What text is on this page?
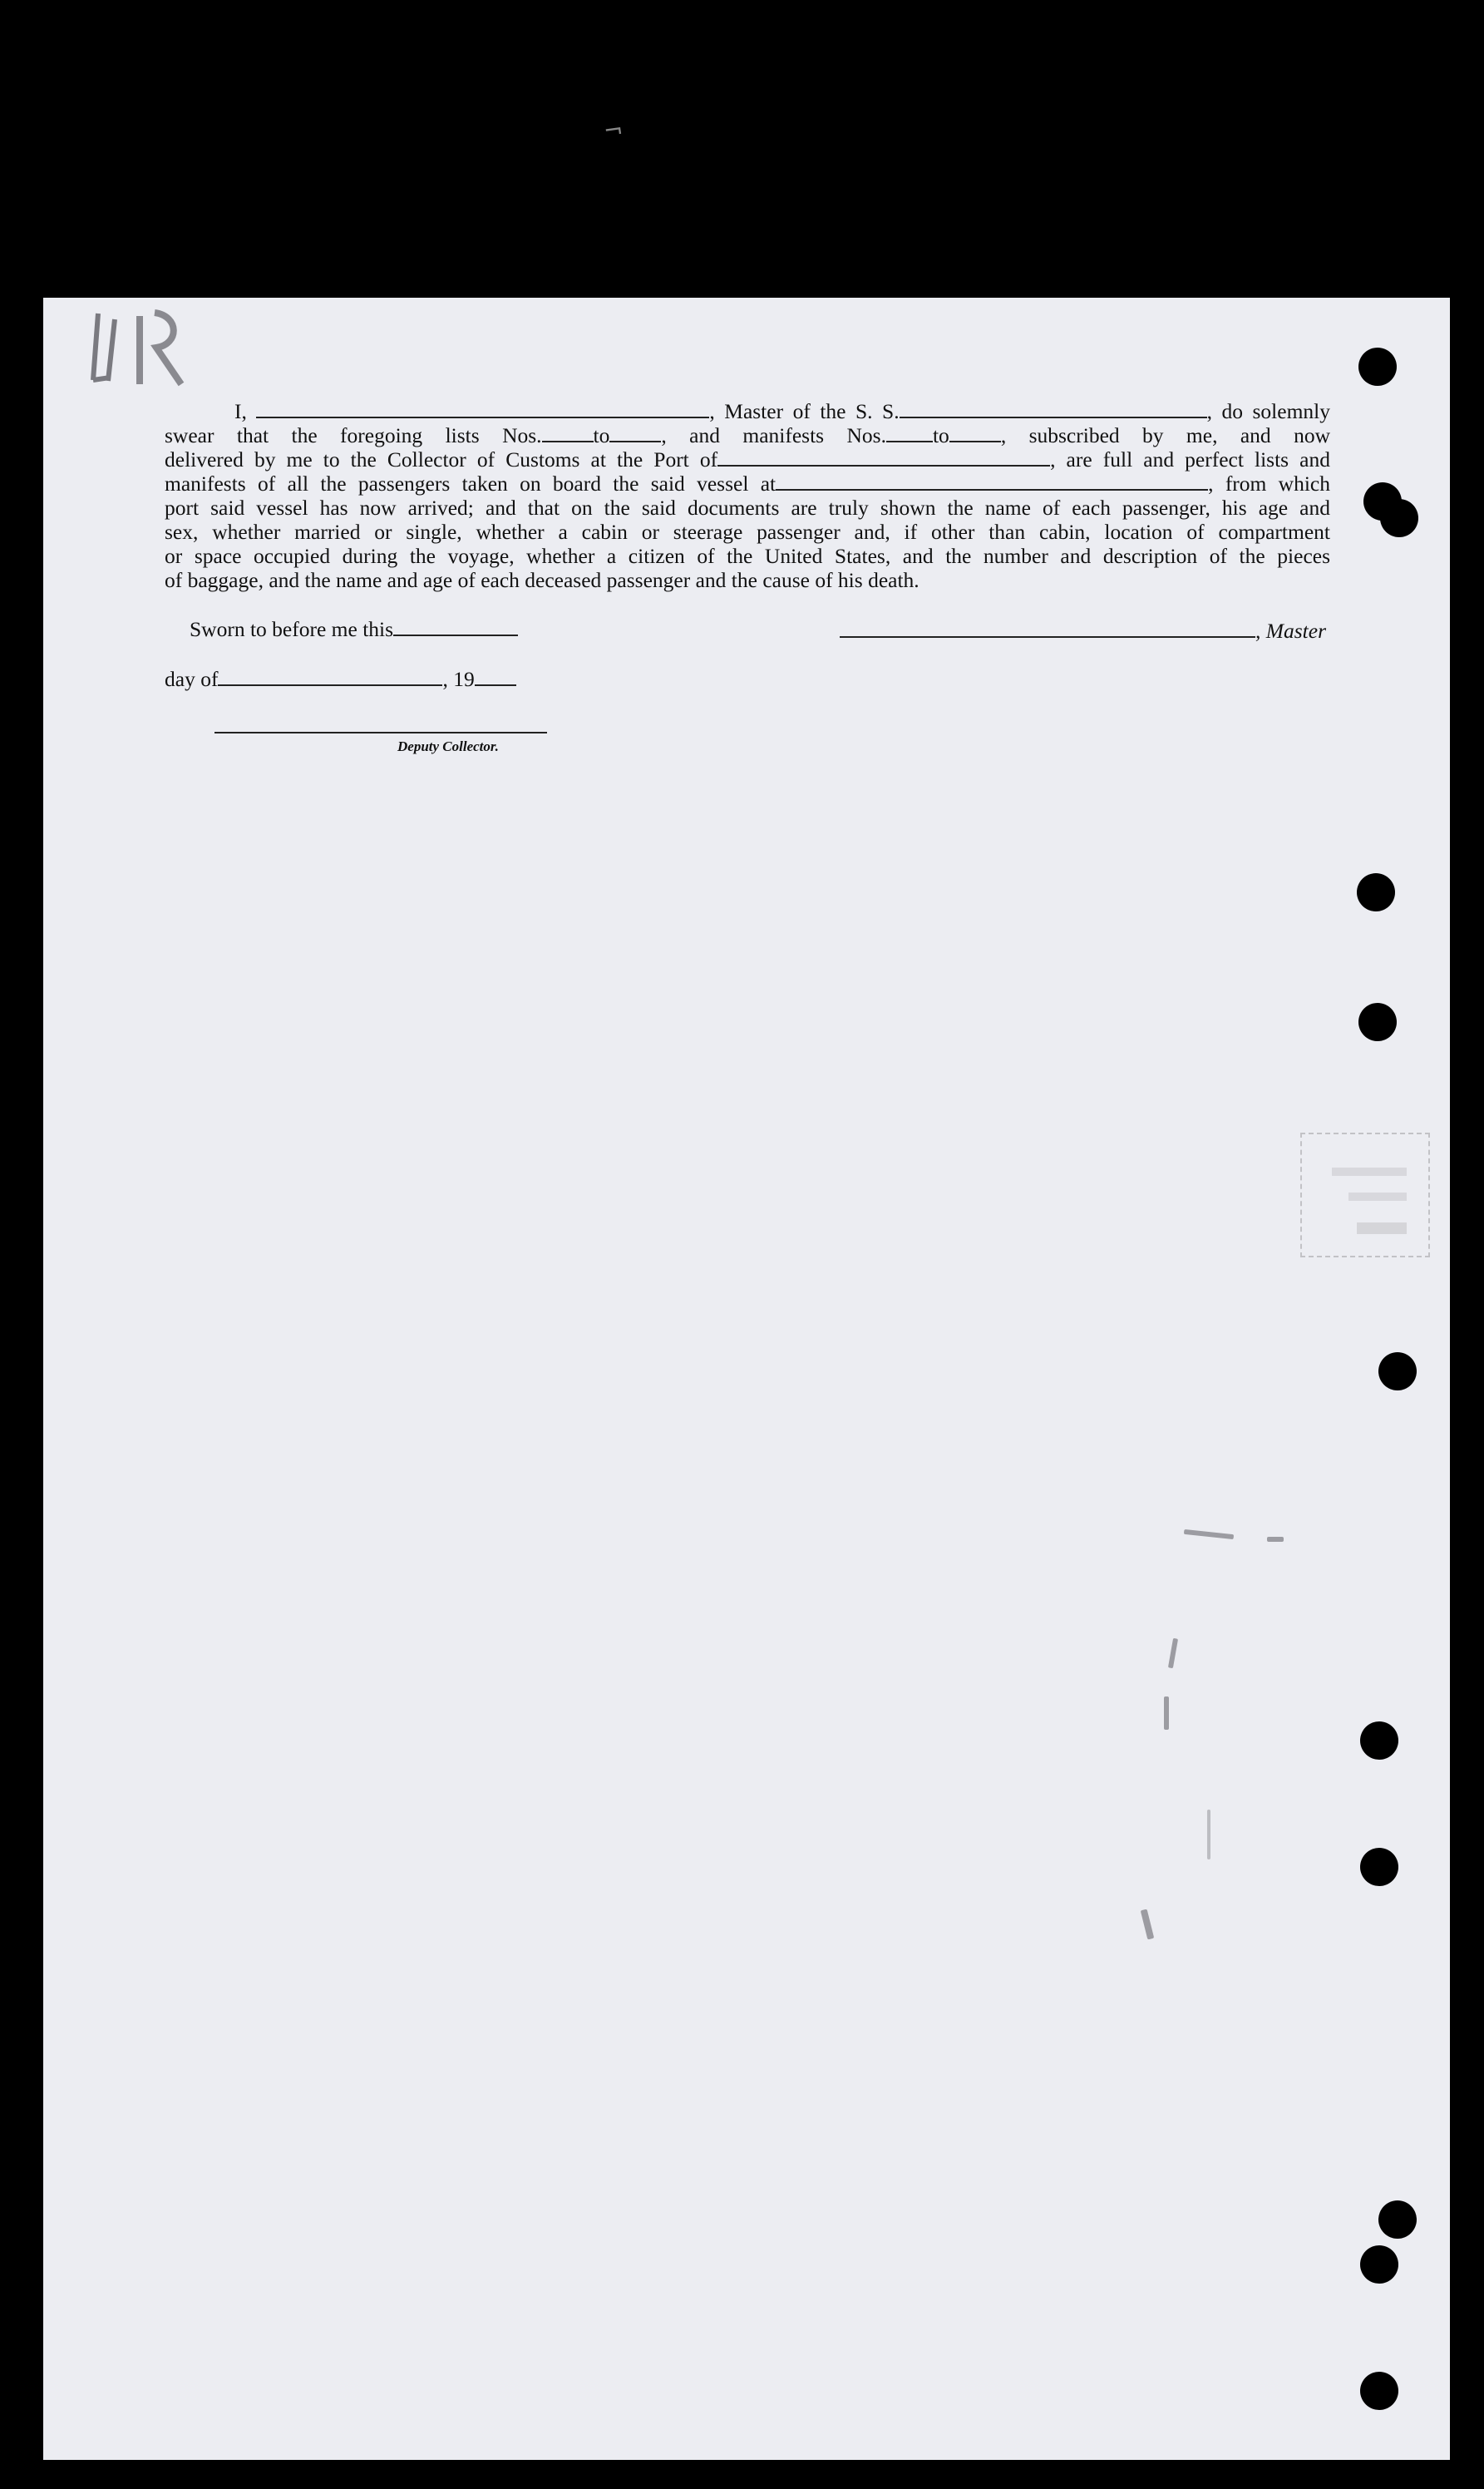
¬
I,	, Master of the S. S.	, do solemnly
swear that the foregoing lists Nos. to , and manifests Nos. to , subscribed by me, and now
delivered by me to the Collector of Customs at the Port of	, are full and perfect lists and
manifests of all the passengers taken on board the said vessel at	, from which
port said vessel has now arrived; and that on the said documents are truly shown the name of each passenger, his age and
sex, whether married or single, whether a cabin or steerage passenger and, if other than cabin, location of compartment
or space occupied during the voyage, whether a citizen of the United States, and the number and description of the pieces
of baggage, and the name and age of each deceased passenger and the cause of his death.
Sworn to before me this	, Master
day of	, 19
Deputy Collector.
